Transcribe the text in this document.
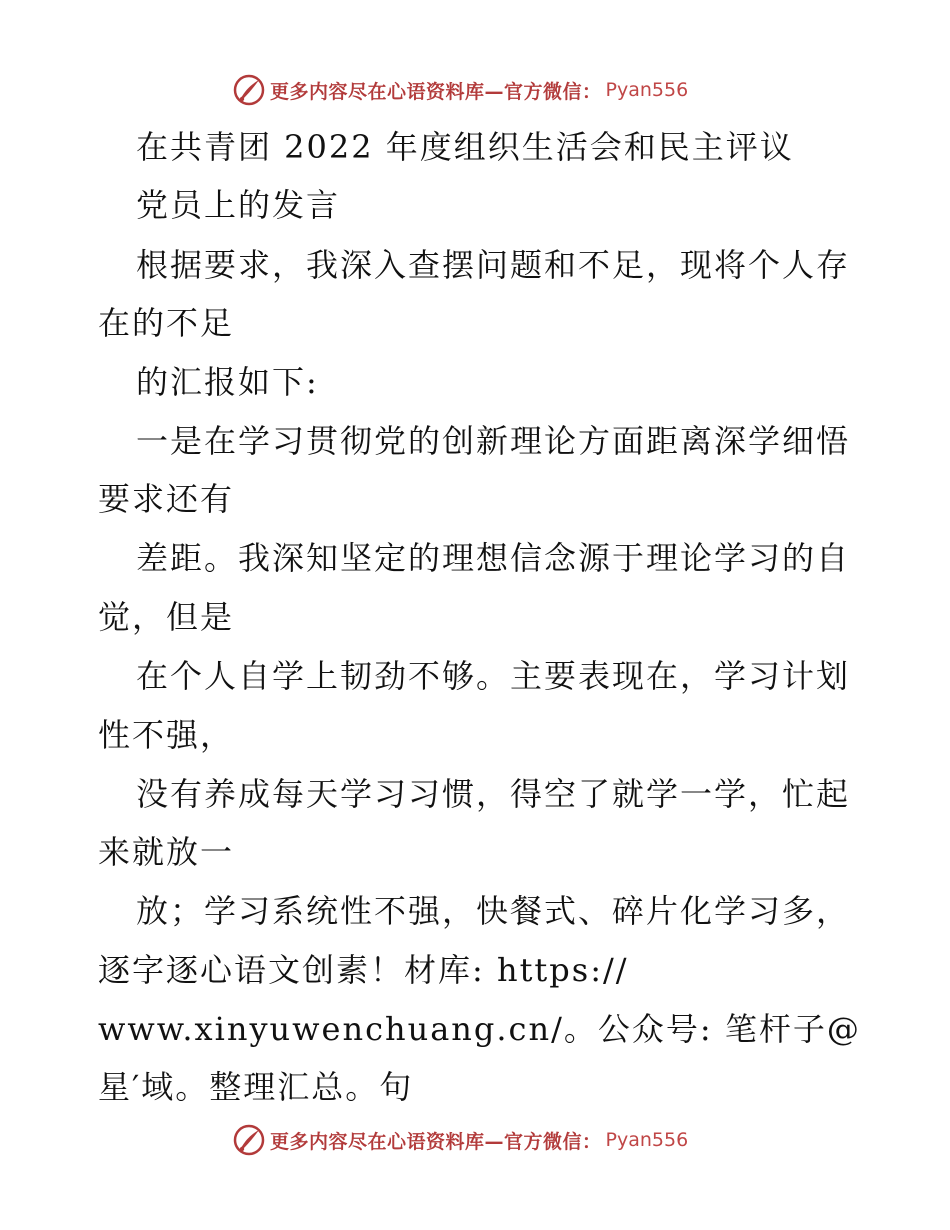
更多内容尽在心语资料库—官方微信： Pyan556
在共青团 2022 年度组织生活会和民主评议
党员上的发言
根据要求，我深入查摆问题和不足，现将个人存
在的不足
的汇报如下:
一是在学习贯彻党的创新理论方面距离深学细悟
要求还有
差距。我深知坚定的理想信念源于理论学习的自
觉，但是
在个人自学上韧劲不够。主要表现在，学习计划
性不强，
没有养成每天学习习惯，得空了就学一学，忙起
来就放一
放；学习系统性不强，快餐式、碎片化学习多，
逐字逐心语文创素！材库: https://
www.xinyuwenchuang.cn/。公众号: 笔杆子@
星′域。整理汇总。句
更多内容尽在心语资料库—官方微信： Pyan556
